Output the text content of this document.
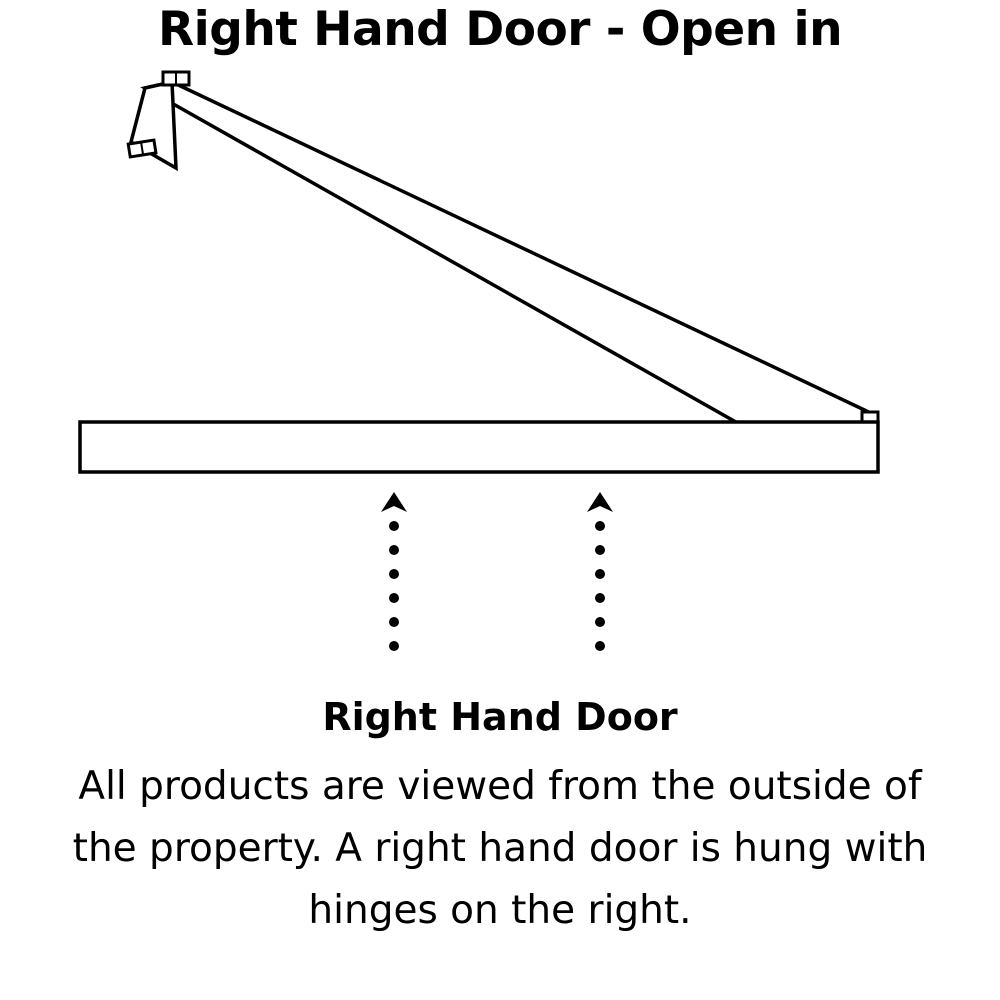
Right Hand Door - Open in
Right Hand Door
All products are viewed from the outside of the property. A right hand door is hung with hinges on the right.
